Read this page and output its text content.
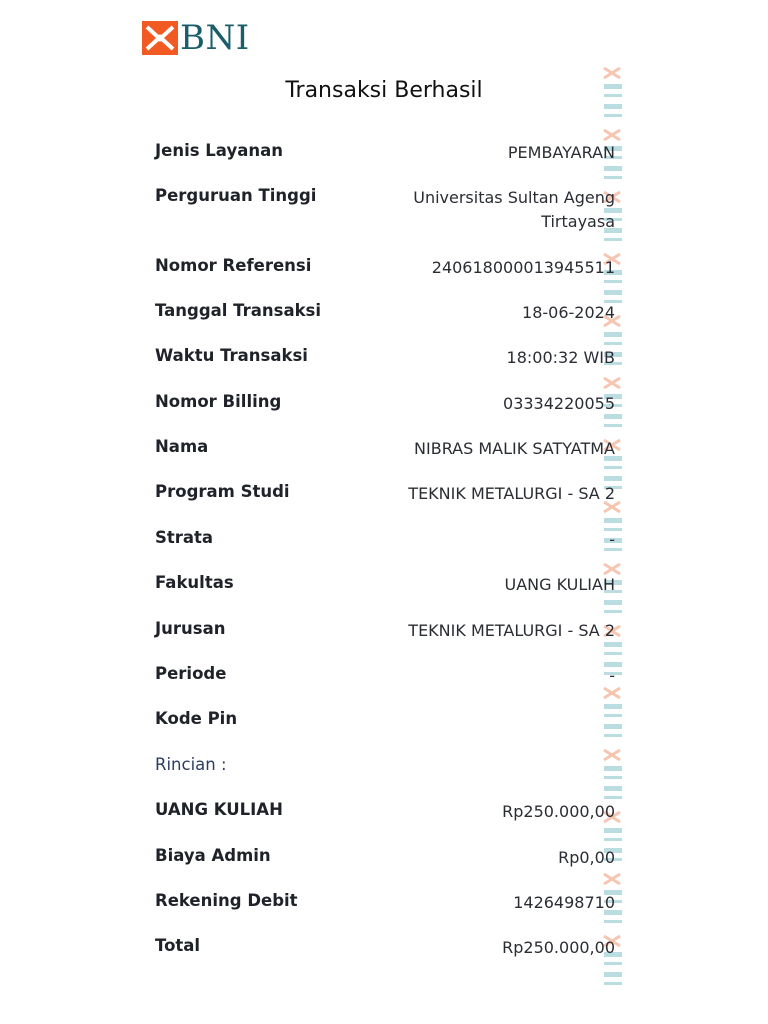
BNI
Transaksi Berhasil
Jenis Layanan	PEMBAYARAN
Perguruan Tinggi	Universitas Sultan Ageng Tirtayasa
Nomor Referensi	240618000013945511
Tanggal Transaksi	18-06-2024
Waktu Transaksi	18:00:32 WIB
Nomor Billing	03334220055
Nama	NIBRAS MALIK SATYATMA
Program Studi	TEKNIK METALURGI - SA 2
Strata	-
Fakultas	UANG KULIAH
Jurusan	TEKNIK METALURGI - SA 2
Periode	-
Kode Pin
Rincian :
UANG KULIAH	Rp250.000,00
Biaya Admin	Rp0,00
Rekening Debit	1426498710
Total	Rp250.000,00
